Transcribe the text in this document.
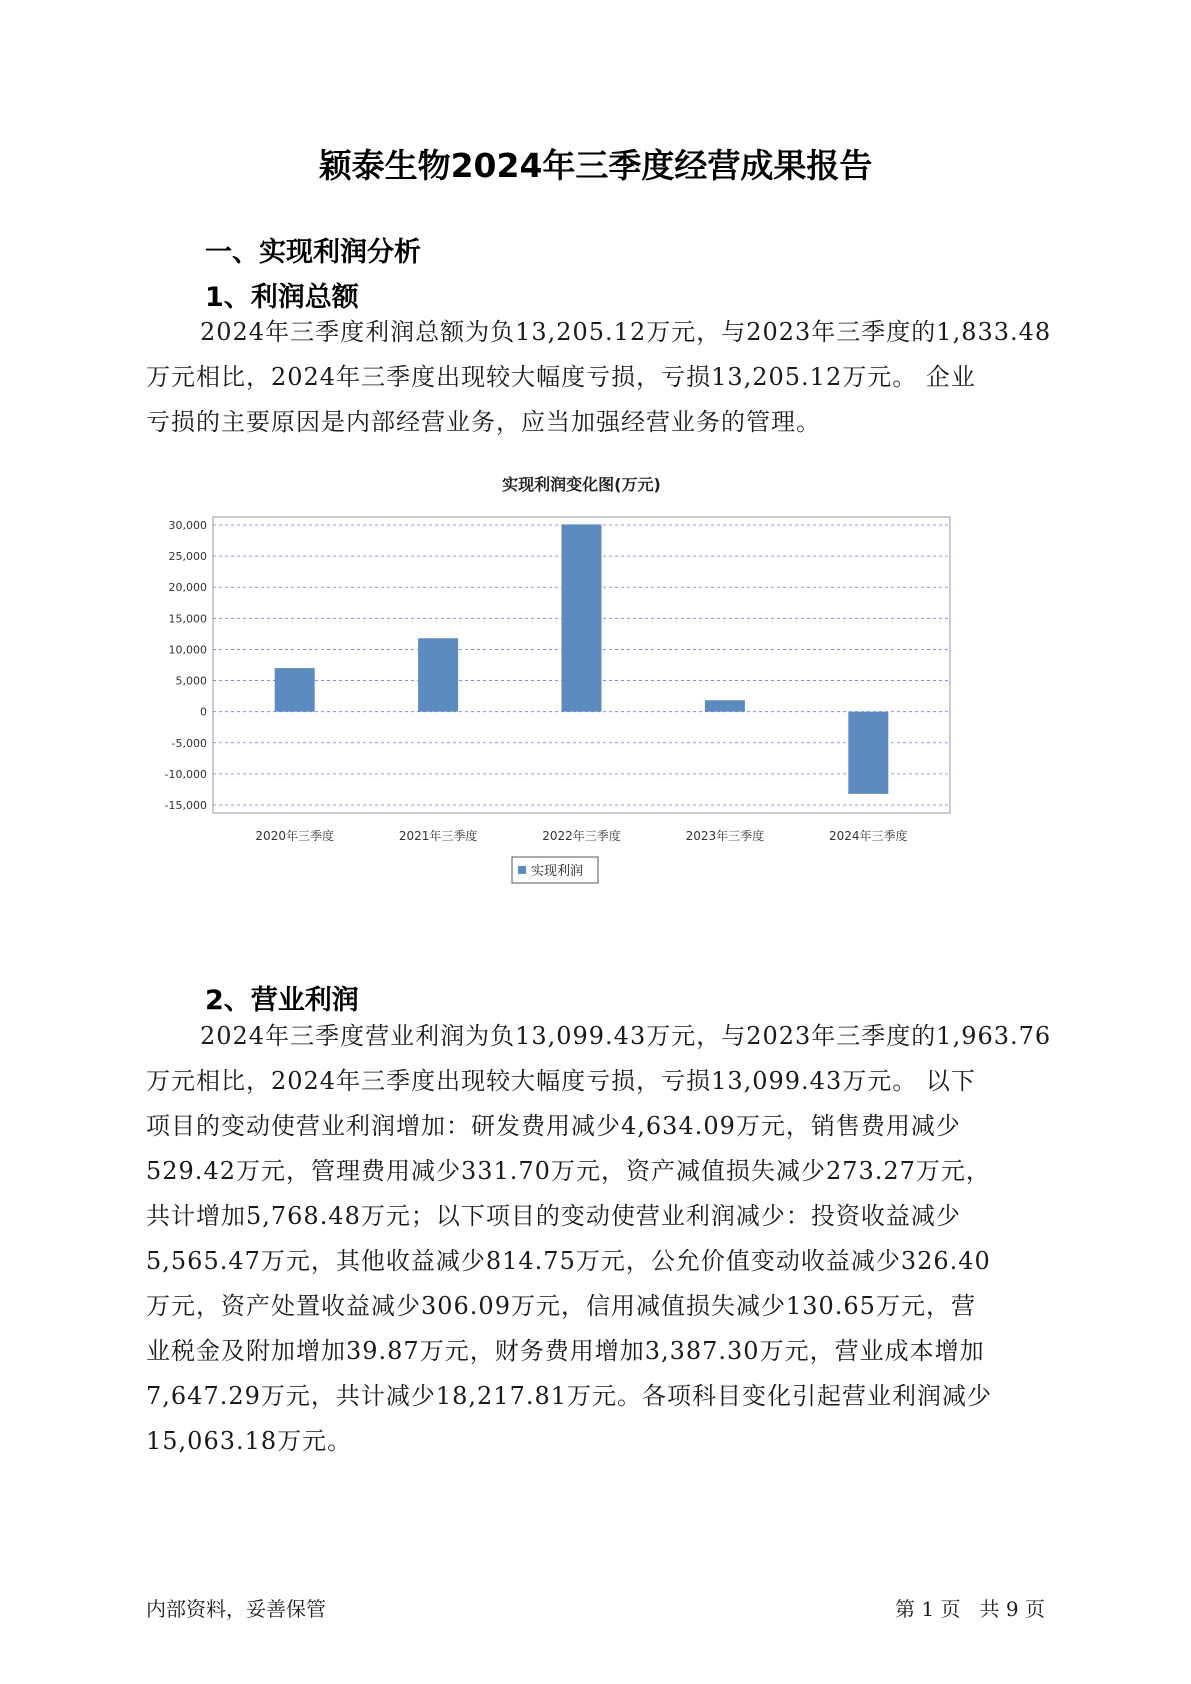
颖泰生物2024年三季度经营成果报告
一、实现利润分析
1、利润总额

2024年三季度利润总额为负13,205.12万元，与2023年三季度的1,833.48
万元相比，2024年三季度出现较大幅度亏损，亏损13,205.12万元。 企业
亏损的主要原因是内部经营业务，应当加强经营业务的管理。

实现利润变化图(万元)
30,000
25,000
20,000
15,000
10,000
5,000
0
-5,000
-10,000
-15,000
2020年三季度	2021年三季度	2022年三季度	2023年三季度	2024年三季度
实现利润
2、营业利润

2024年三季度营业利润为负13,099.43万元，与2023年三季度的1,963.76
万元相比，2024年三季度出现较大幅度亏损，亏损13,099.43万元。 以下
项目的变动使营业利润增加：研发费用减少4,634.09万元，销售费用减少
529.42万元，管理费用减少331.70万元，资产减值损失减少273.27万元，
共计增加5,768.48万元；以下项目的变动使营业利润减少：投资收益减少
5,565.47万元，其他收益减少814.75万元，公允价值变动收益减少326.40
万元，资产处置收益减少306.09万元，信用减值损失减少130.65万元，营
业税金及附加增加39.87万元，财务费用增加3,387.30万元，营业成本增加
7,647.29万元，共计减少18,217.81万元。各项科目变化引起营业利润减少
15,063.18万元。

内部资料，妥善保管	第 1 页   共 9 页
